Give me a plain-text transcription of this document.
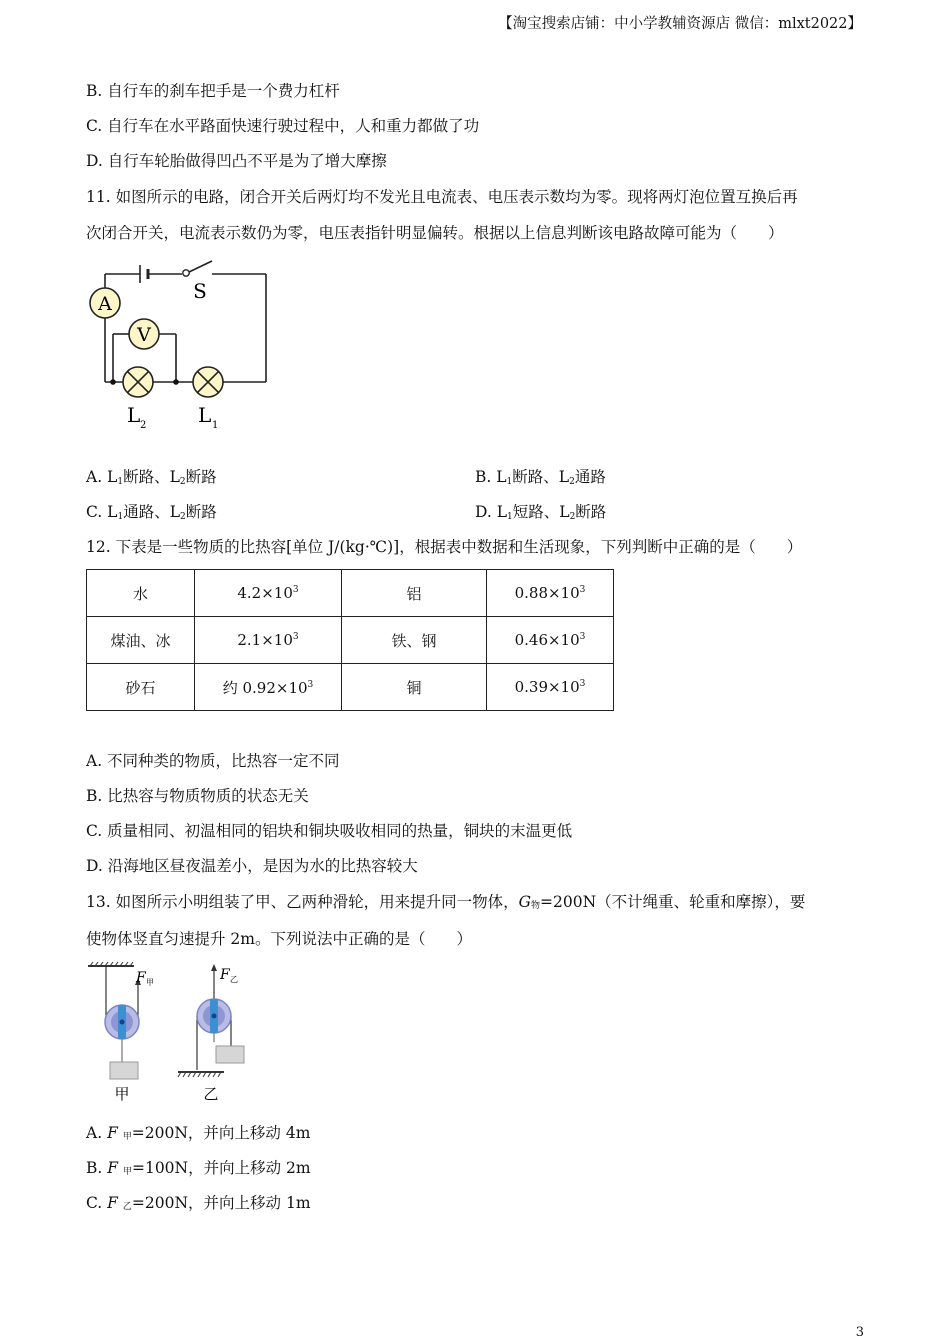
【淘宝搜索店铺：中小学教辅资源店 微信：mlxt2022】
B. 自行车的刹车把手是一个费力杠杆
C. 自行车在水平路面快速行驶过程中，人和重力都做了功
D. 自行车轮胎做得凹凸不平是为了增大摩擦
11. 如图所示的电路，闭合开关后两灯均不发光且电流表、电压表示数均为零。现将两灯泡位置互换后再
次闭合开关，电流表示数仍为零，电压表指针明显偏转。根据以上信息判断该电路故障可能为（　　）
A
V
S
L 2	L 1
A. $L_1$断路、$L_2$断路	B. $L_1$断路、$L_2$通路
C. $L_1$通路、$L_2$断路	D. $L_1$短路、$L_2$断路
12. 下表是一些物质的比热容[单位 J/(kg·℃)]，根据表中数据和生活现象，下列判断中正确的是（　　）
水	$4.2\times 10^3$	铝	$0.88\times 10^3$
煤油、冰	$2.1\times 10^3$	铁、钢	$0.46\times 10^3$
砂石	约 $0.92\times 10^3$	铜	$0.39\times 10^3$
A. 不同种类的物质，比热容一定不同
B. 比热容与物质物质的状态无关
C. 质量相同、初温相同的铝块和铜块吸收相同的热量，铜块的末温更低
D. 沿海地区昼夜温差小，是因为水的比热容较大
13. 如图所示小明组装了甲、乙两种滑轮，用来提升同一物体，G物=200N（不计绳重、轮重和摩擦），要
使物体竖直匀速提升 2m。下列说法中正确的是（　　）
F 甲
甲
F 乙
乙
A. F 甲=200N，并向上移动 4m
B. F 甲=100N，并向上移动 2m
C. F 乙=200N，并向上移动 1m
3
